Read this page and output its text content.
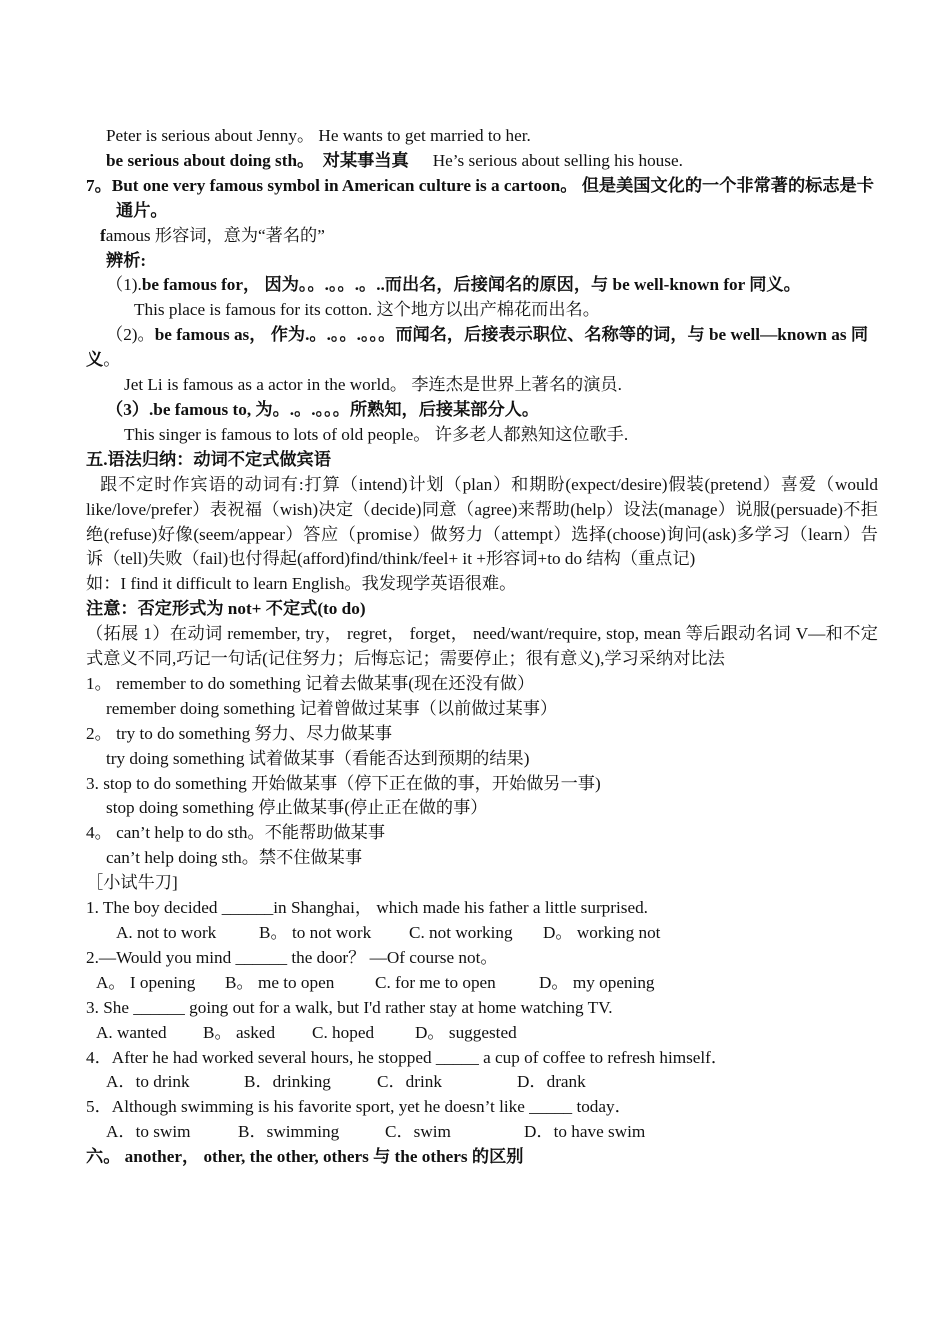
Peter is serious about Jenny。 He wants to get married to her.
be serious about doing sth。　对某事当真 He’s serious about selling his house.
7。But one very famous symbol in American culture is a cartoon。 但是美国文化的一个非常著的标志是卡通片。
famous 形容词，意为“著名的”
辨析:
（1).be famous for， 因为。。.。。.。..而出名，后接闻名的原因，与 be well-known for 同义。
This place is famous for its cotton. 这个地方以出产棉花而出名。
（2)。be famous as， 作为.。.。。.。。。而闻名，后接表示职位、名称等的词，与 be well—known as 同义。
Jet Li is famous as a actor in the world。 李连杰是世界上著名的演员.
（3）.be famous to, 为。.。.。。。所熟知，后接某部分人。
This singer is famous to lots of old people。 许多老人都熟知这位歌手.
五.语法归纳：动词不定式做宾语
跟不定时作宾语的动词有:打算（intend)计划（plan）和期盼(expect/desire)假装(pretend）喜爱（would like/love/prefer）表祝福（wish)决定（decide)同意（agree)来帮助(help）设法(manage）说服(persuade)不拒绝(refuse)好像(seem/appear）答应（promise）做努力（attempt）选择(choose)询问(ask)多学习（learn）告诉（tell)失败（fail)也付得起(afford)find/think/feel+ it +形容词+to do 结构（重点记)
如：I find it difficult to learn English。我发现学英语很难。
注意：否定形式为 not+ 不定式(to do)
（拓展 1）在动词 remember, try， regret， forget， need/want/require, stop, mean 等后跟动名词 V—和不定式意义不同,巧记一句话(记住努力；后悔忘记；需要停止；很有意义),学习采纳对比法
1。 remember to do something 记着去做某事(现在还没有做）
remember doing something 记着曾做过某事（以前做过某事）
2。 try to do something 努力、尽力做某事
try doing something 试着做某事（看能否达到预期的结果)
3. stop to do something 开始做某事（停下正在做的事，开始做另一事)
stop doing something 停止做某事(停止正在做的事）
4。 can’t help to do sth。不能帮助做某事
can’t help doing sth。禁不住做某事
［小试牛刀]
1. The boy decided ______in Shanghai， which made his father a little surprised.
A. not to work B。 to not work C. not working D。 working not
2.—Would you mind ______ the door？ —Of course not。
A。 I opening B。 me to open C. for me to open	D。 my opening
3. She ______ going out for a walk, but I'd rather stay at home watching TV.
A. wanted B。 asked C. hoped D。 suggested
4．After he had worked several hours, he stopped _____ a cup of coffee to refresh himself．
A．to drink	B．drinking	C．drink	D．drank
5．Although swimming is his favorite sport, yet he doesn’t like _____ today．
A．to swim	B．swimming	C．swim	D．to have swim
六。 another， other, the other, others 与 the others 的区别
